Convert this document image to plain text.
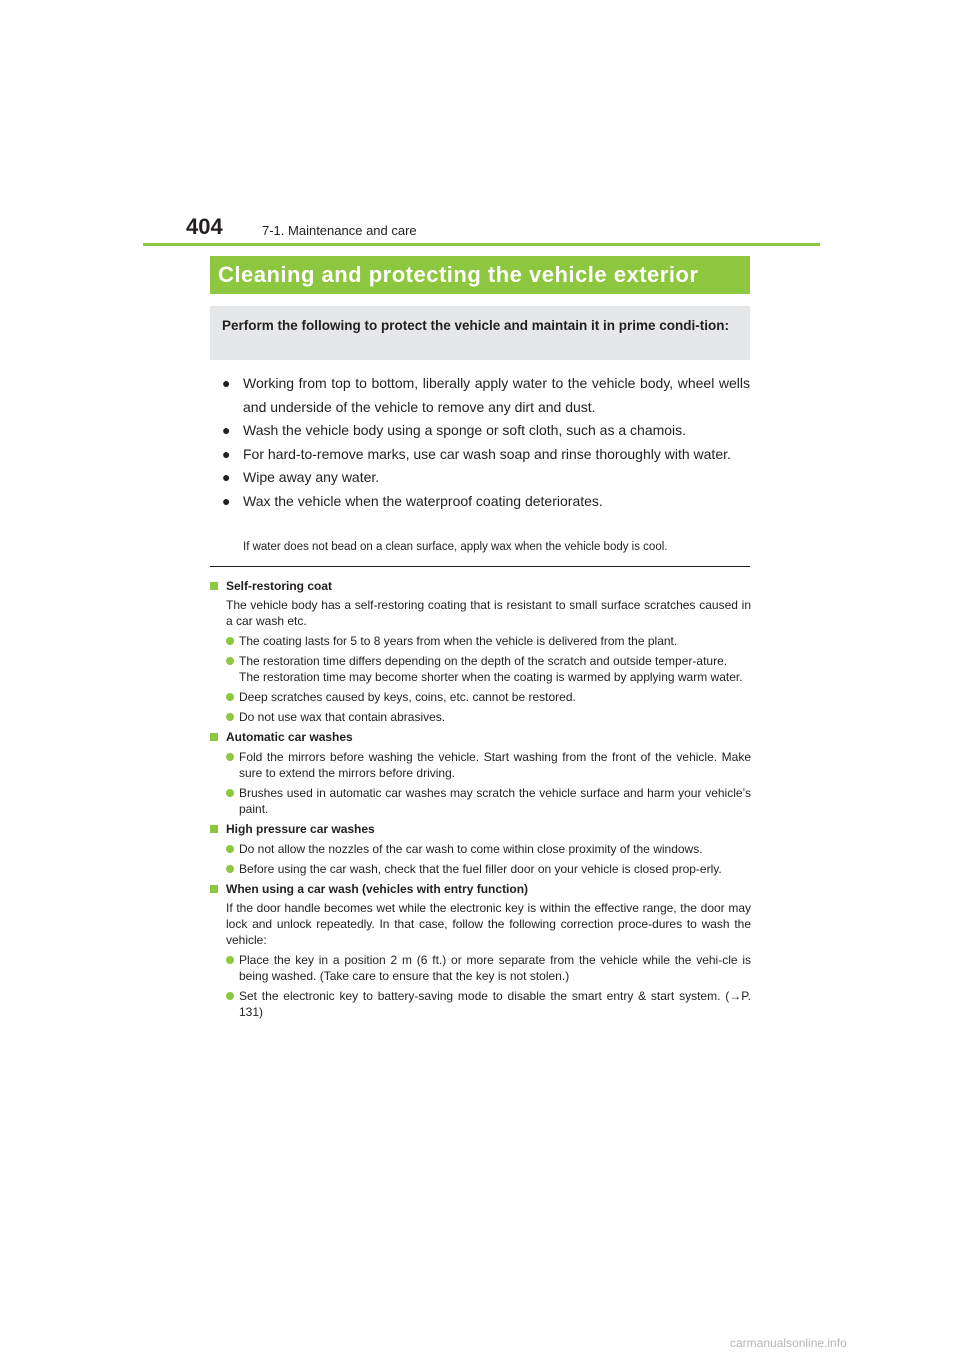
404	7-1. Maintenance and care
Cleaning and protecting the vehicle exterior
Perform the following to protect the vehicle and maintain it in prime condi-tion:
● Working from top to bottom, liberally apply water to the vehicle body, wheel wells and underside of the vehicle to remove any dirt and dust.
● Wash the vehicle body using a sponge or soft cloth, such as a chamois.
● For hard-to-remove marks, use car wash soap and rinse thoroughly with water.
● Wipe away any water.
● Wax the vehicle when the waterproof coating deteriorates.
If water does not bead on a clean surface, apply wax when the vehicle body is cool.
Self-restoring coat
The vehicle body has a self-restoring coating that is resistant to small surface scratches caused in a car wash etc.
The coating lasts for 5 to 8 years from when the vehicle is delivered from the plant.
The restoration time differs depending on the depth of the scratch and outside temper-ature.
The restoration time may become shorter when the coating is warmed by applying warm water.
Deep scratches caused by keys, coins, etc. cannot be restored.
Do not use wax that contain abrasives.
Automatic car washes
Fold the mirrors before washing the vehicle. Start washing from the front of the vehicle. Make sure to extend the mirrors before driving.
Brushes used in automatic car washes may scratch the vehicle surface and harm your vehicle’s paint.
High pressure car washes
Do not allow the nozzles of the car wash to come within close proximity of the windows.
Before using the car wash, check that the fuel filler door on your vehicle is closed prop-erly.
When using a car wash (vehicles with entry function)
If the door handle becomes wet while the electronic key is within the effective range, the door may lock and unlock repeatedly. In that case, follow the following correction proce-dures to wash the vehicle:
Place the key in a position 2 m (6 ft.) or more separate from the vehicle while the vehi-cle is being washed. (Take care to ensure that the key is not stolen.)
Set the electronic key to battery-saving mode to disable the smart entry & start system. (→P. 131)
carmanualsonline.info
